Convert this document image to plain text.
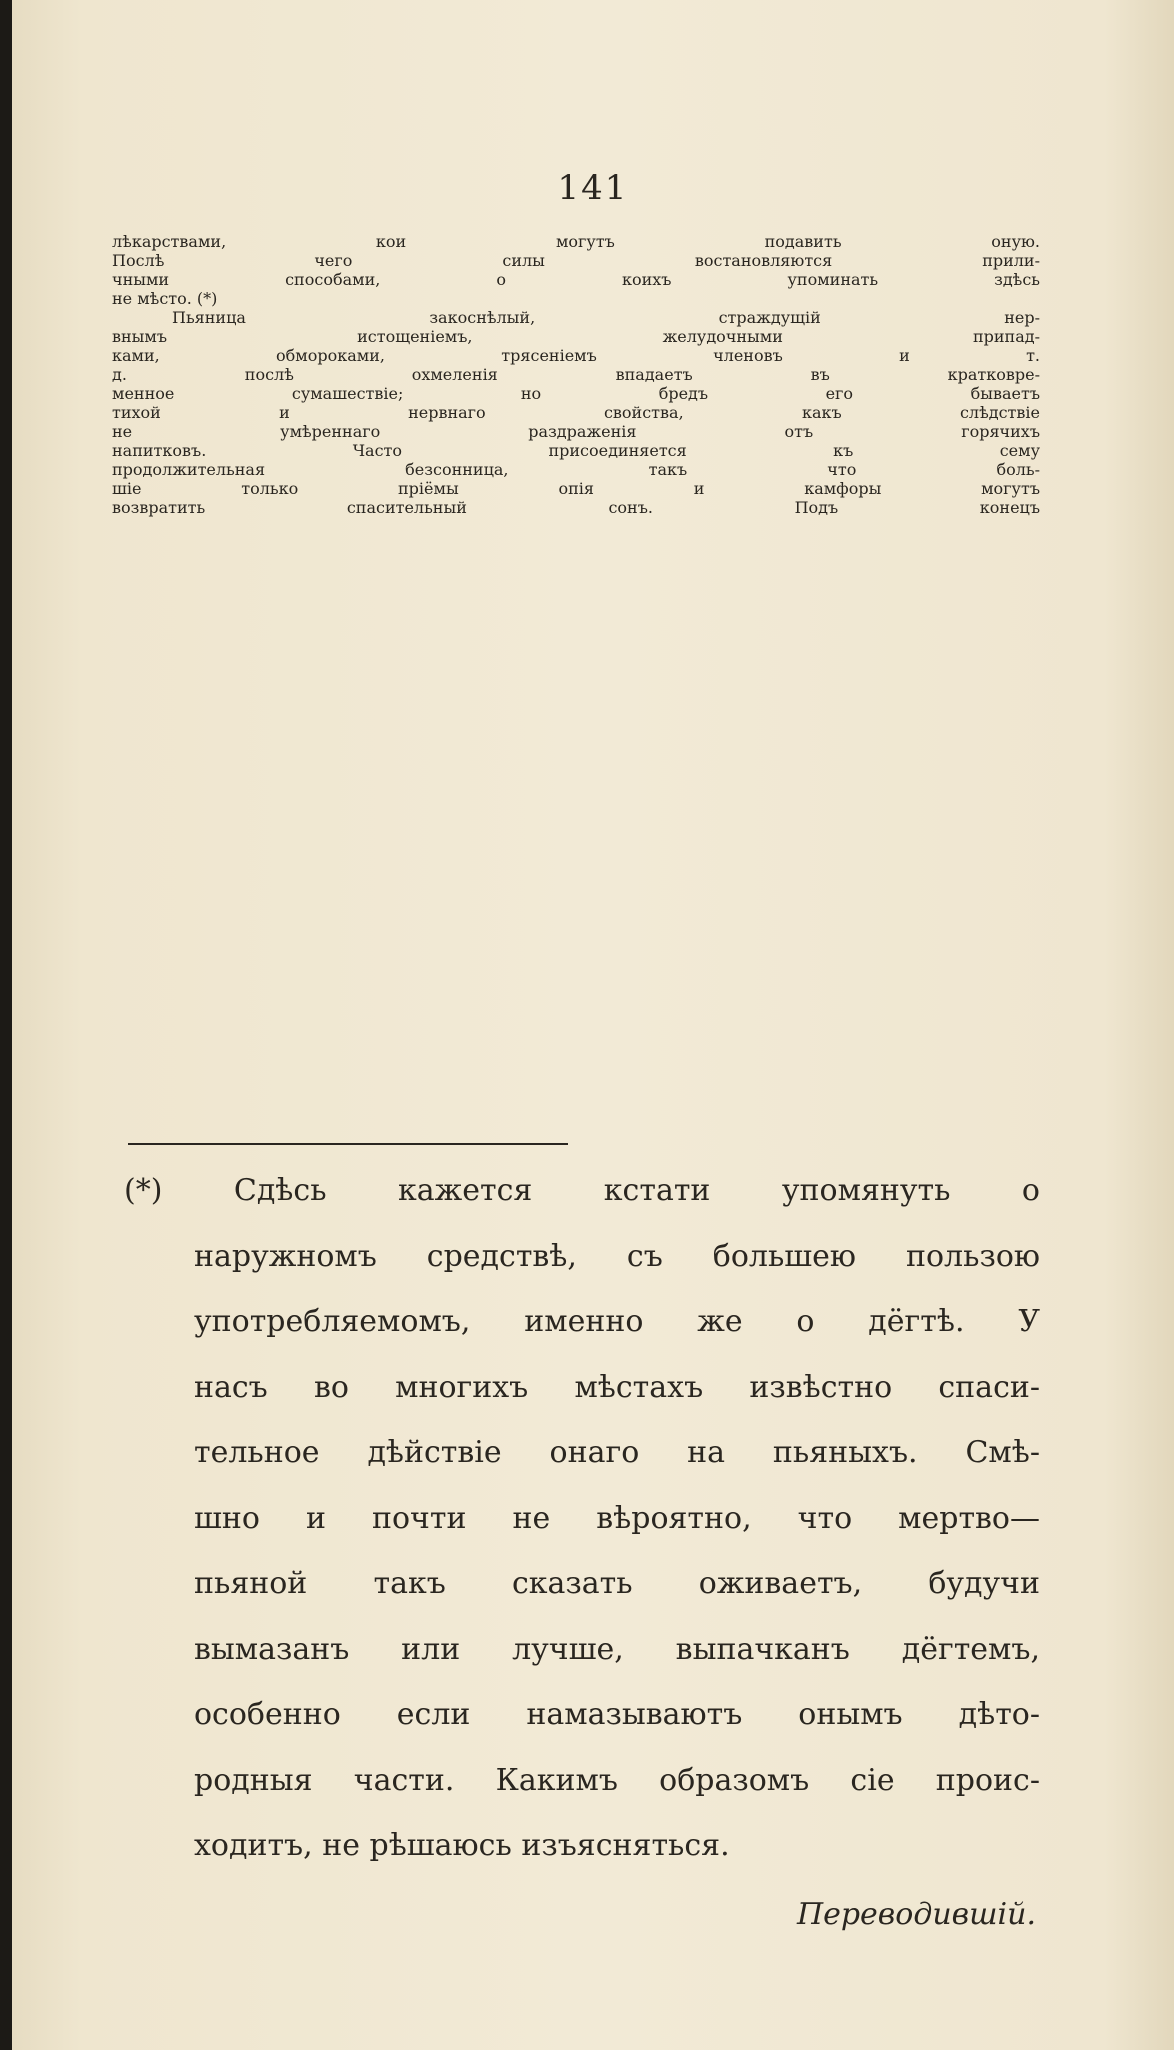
141
лѣкарствами, кои могутъ подавить оную.
Послѣ чего силы востановляются прили-
чными способами, о коихъ упоминать здѣсь
не мѣсто. (*)
Пьяница закоснѣлый, страждущій нер-
внымъ истощеніемъ, желудочными припад-
ками, обмороками, трясеніемъ членовъ и т.
д. послѣ охмеленія впадаетъ въ кратковре-
менное сумашествіе; но бредъ его бываетъ
тихой и нервнаго свойства, какъ слѣдствіе
не умѣреннаго раздраженія отъ горячихъ
напитковъ. Часто присоединяется къ сему
продолжительная безсонница, такъ что боль-
шіе только пріёмы опія и камфоры могутъ
возвратить спасительный сонъ. Подъ конецъ
(*) Сдѣсь кажется кстати упомянуть о
наружномъ средствѣ, съ большею пользою
употребляемомъ, именно же о дёгтѣ. У
насъ во многихъ мѣстахъ извѣстно спаси-
тельное дѣйствіе онаго на пьяныхъ. Смѣ-
шно и почти не вѣроятно, что мертво—
пьяной такъ сказать оживаетъ, будучи
вымазанъ или лучше, выпачканъ дёгтемъ,
особенно если намазываютъ онымъ дѣто-
родныя части. Какимъ образомъ сіе проис-
ходитъ, не рѣшаюсь изъясняться.
Переводившій.
